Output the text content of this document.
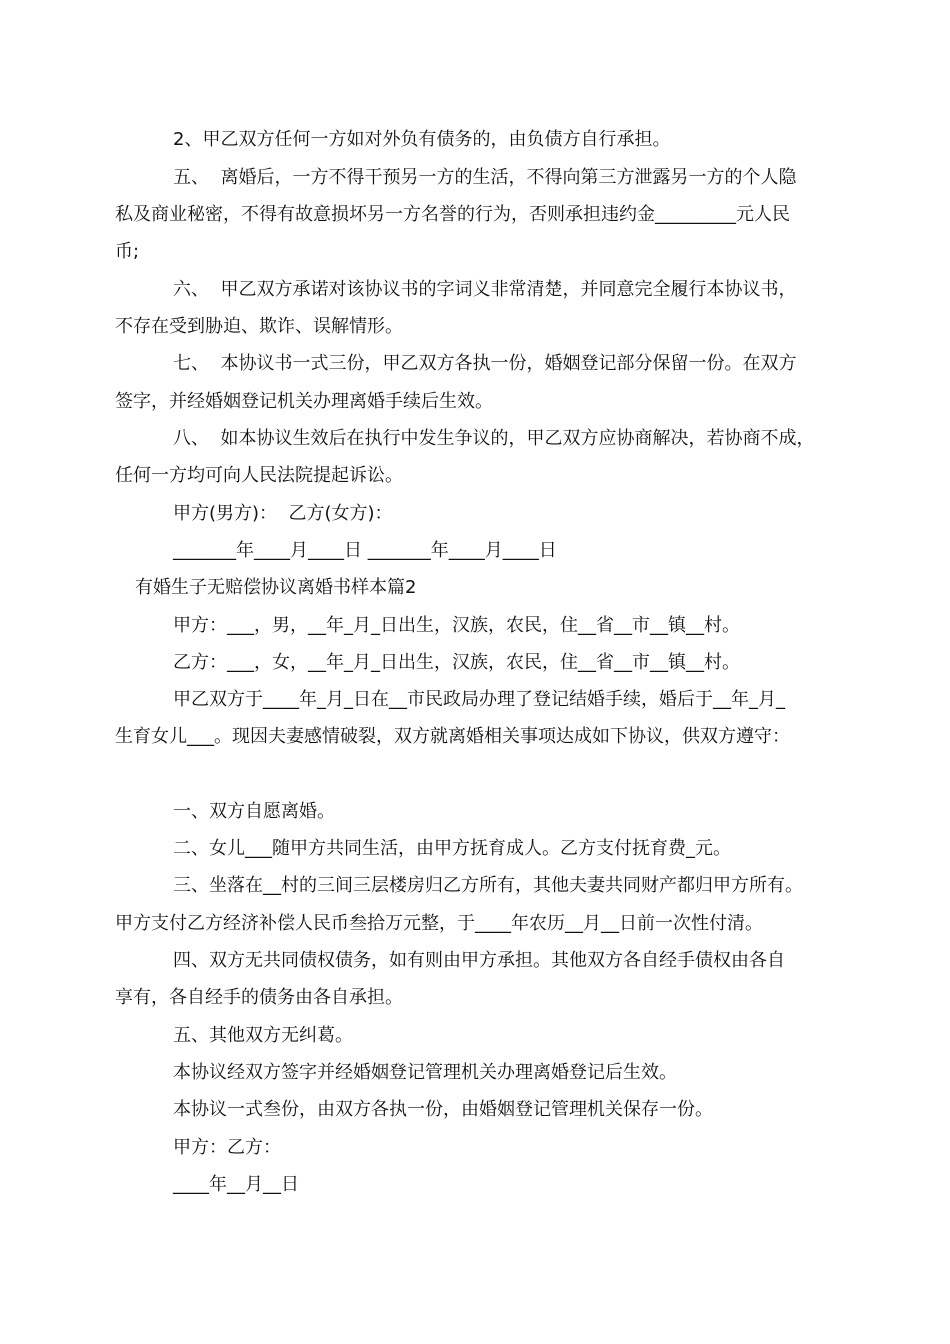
2、甲乙双方任何一方如对外负有债务的，由负债方自行承担。

五、  离婚后，一方不得干预另一方的生活，不得向第三方泄露另一方的个人隐

私及商业秘密，不得有故意损坏另一方名誉的行为，否则承担违约金_________元人民

币;

六、  甲乙双方承诺对该协议书的字词义非常清楚，并同意完全履行本协议书，

不存在受到胁迫、欺诈、误解情形。

七、  本协议书一式三份，甲乙双方各执一份，婚姻登记部分保留一份。在双方

签字，并经婚姻登记机关办理离婚手续后生效。

八、  如本协议生效后在执行中发生争议的，甲乙双方应协商解决，若协商不成，

任何一方均可向人民法院提起诉讼。

甲方(男方)：  乙方(女方)：

_______年____月____日 _______年____月____日

有婚生子无赔偿协议离婚书样本篇2

甲方：___，男，__年_月_日出生，汉族，农民，住__省__市__镇__村。

乙方：___，女，__年_月_日出生，汉族，农民，住__省__市__镇__村。

甲乙双方于____年_月_日在__市民政局办理了登记结婚手续，婚后于__年_月_

生育女儿___。现因夫妻感情破裂，双方就离婚相关事项达成如下协议，供双方遵守：

一、双方自愿离婚。

二、女儿___随甲方共同生活，由甲方抚育成人。乙方支付抚育费_元。

三、坐落在__村的三间三层楼房归乙方所有，其他夫妻共同财产都归甲方所有。

甲方支付乙方经济补偿人民币叁拾万元整，于____年农历__月__日前一次性付清。

四、双方无共同债权债务，如有则由甲方承担。其他双方各自经手债权由各自

享有，各自经手的债务由各自承担。

五、其他双方无纠葛。

本协议经双方签字并经婚姻登记管理机关办理离婚登记后生效。

本协议一式叁份，由双方各执一份，由婚姻登记管理机关保存一份。

甲方：乙方：

____年__月__日
